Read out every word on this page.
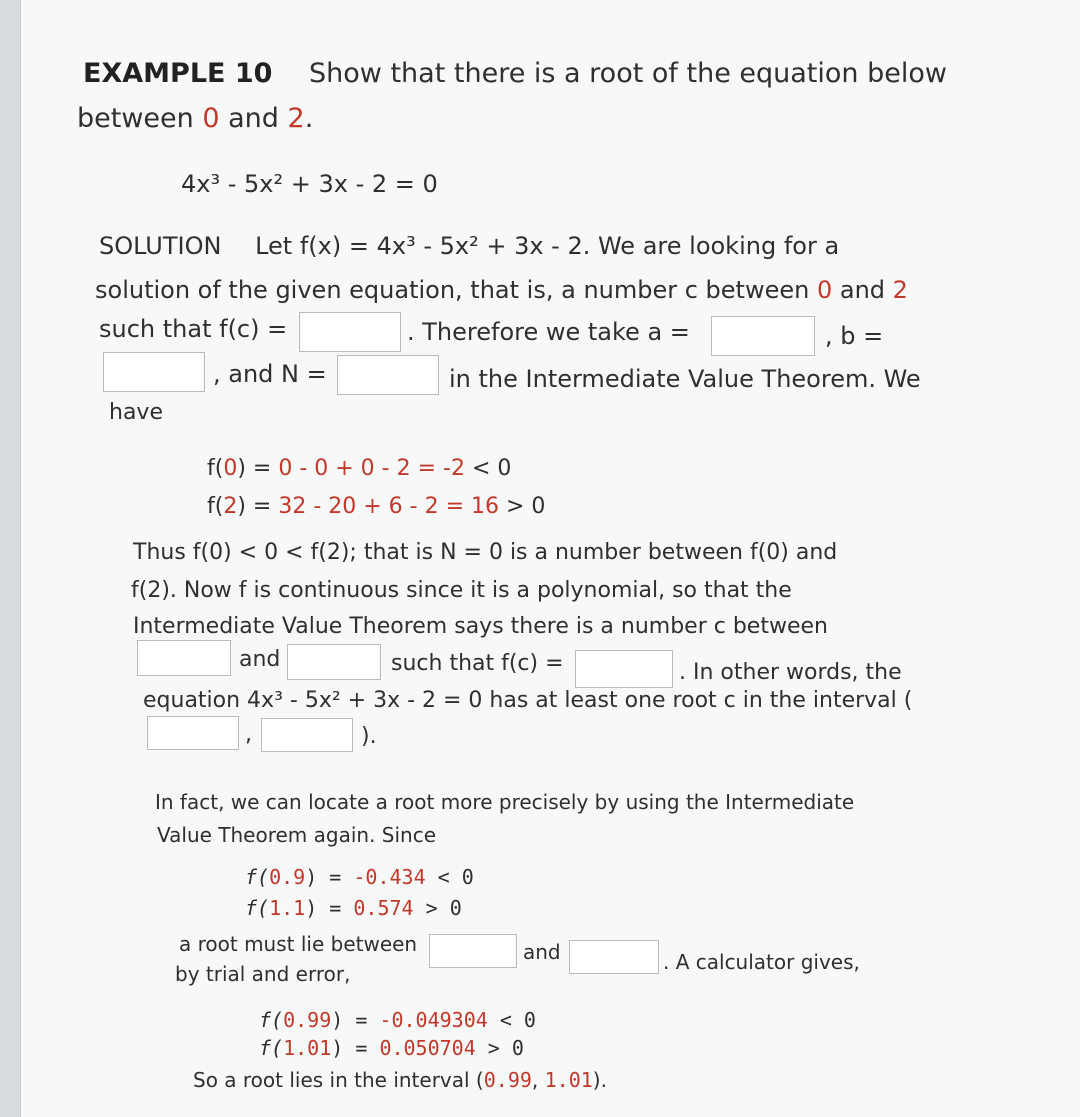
EXAMPLE 10 Show that there is a root of the equation below
between 0 and 2.
4x³ - 5x² + 3x - 2 = 0
SOLUTION Let f(x) = 4x³ - 5x² + 3x - 2. We are looking for a
solution of the given equation, that is, a number c between 0 and 2
such that f(c) =	. Therefore we take a =	, b =
, and N =	in the Intermediate Value Theorem. We
have
f(0) = 0 - 0 + 0 - 2 = -2 < 0
f(2) = 32 - 20 + 6 - 2 = 16 > 0
Thus f(0) < 0 < f(2); that is N = 0 is a number between f(0) and
f(2). Now f is continuous since it is a polynomial, so that the
Intermediate Value Theorem says there is a number c between
and	such that f(c) =	. In other words, the
equation 4x³ - 5x² + 3x - 2 = 0 has at least one root c in the interval (
,	).
In fact, we can locate a root more precisely by using the Intermediate
Value Theorem again. Since
f(0.9) = -0.434 < 0
f(1.1) = 0.574 > 0
a root must lie between	and	. A calculator gives,
by trial and error,
f(0.99) = -0.049304 < 0
f(1.01) = 0.050704 > 0
So a root lies in the interval (0.99, 1.01).
